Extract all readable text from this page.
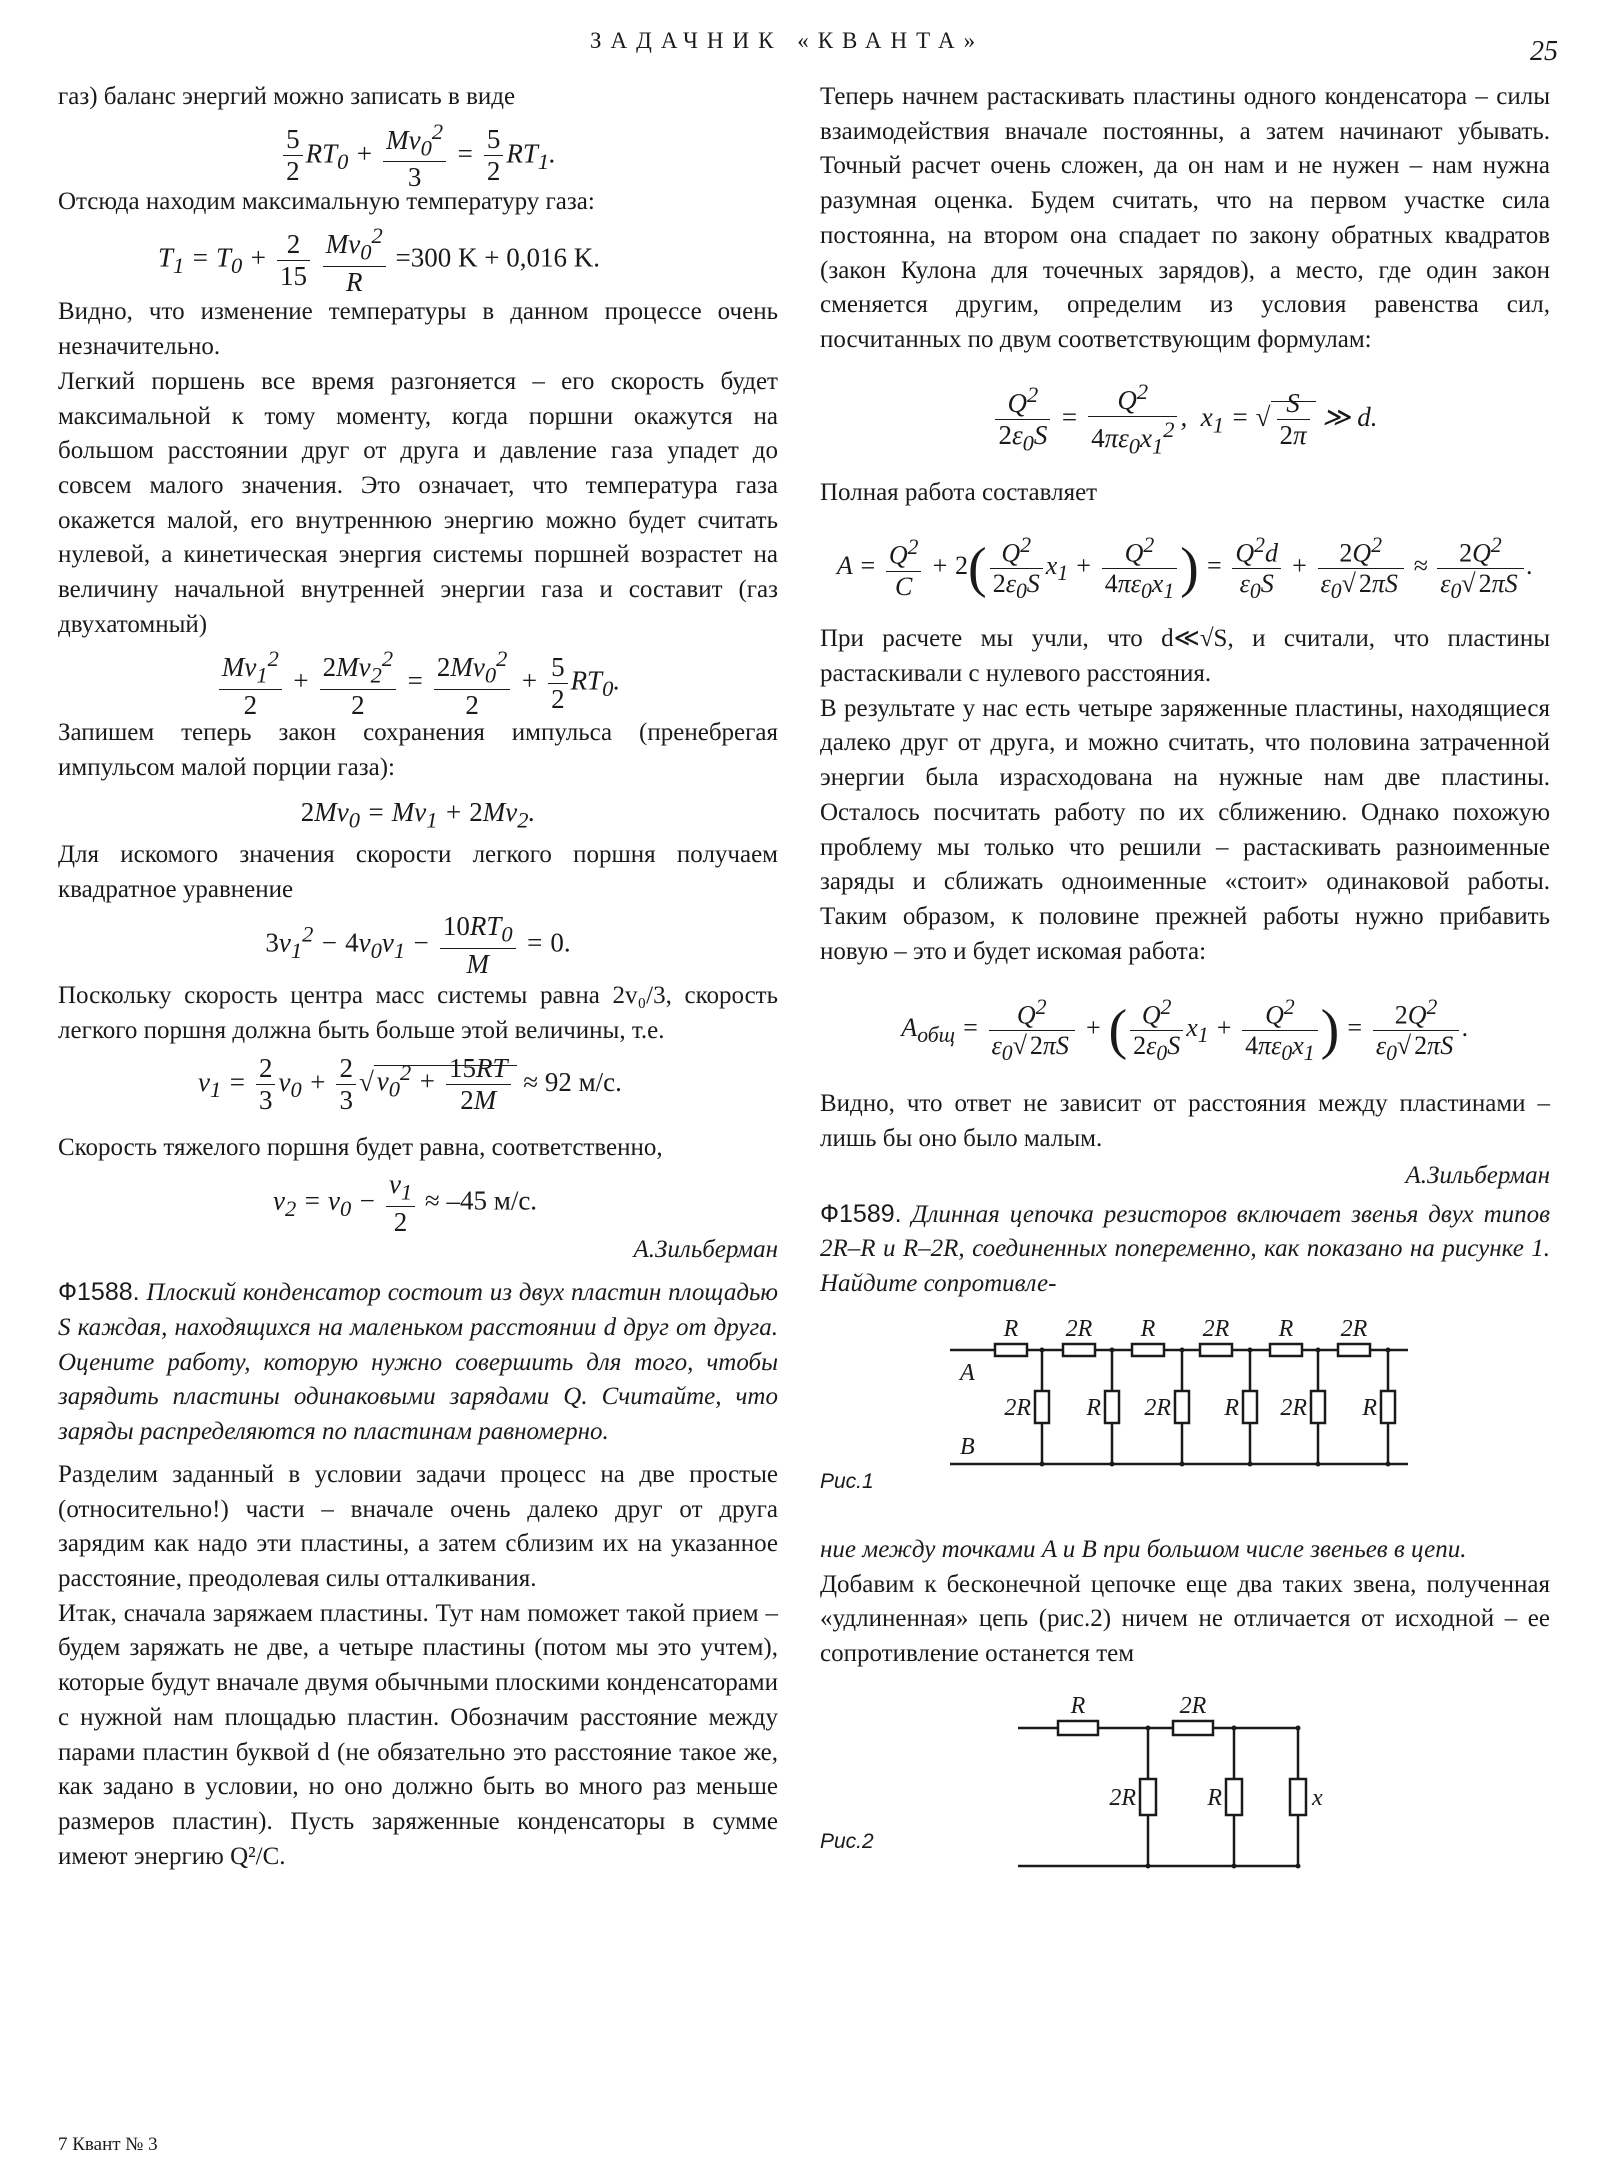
ЗАДАЧНИК «КВАНТА»	25

газ) баланс энергий можно записать в виде

$\frac{5}{2} RT_0 + \frac{Mv_0^2}{3} = \frac{5}{2} RT_1$.

Отсюда находим максимальную температуру газа:

$T_1 = T_0 + \frac{2}{15}$
$\frac{Mv_0^2}{R} =300$ K + 0,016 K.

Видно, что изменение температуры в данном процессе очень незначительно.

Легкий поршень все время разгоняется – его скорость будет максимальной к тому моменту, когда поршни окажутся на большом расстоянии друг от друга и давление газа упадет до совсем малого значения. Это означает, что температура газа окажется малой, его внутреннюю энергию можно будет считать нулевой, а кинетическая энергия системы поршней возрастет на величину начальной внутренней энергии газа и составит (газ двухатомный)

$\frac{Mv_1^2}{2} + \frac{2Mv_2^2}{2} = \frac{2Mv_0^2}{2} + \frac{5}{2} RT_0$.

Запишем теперь закон сохранения импульса (пренебрегая импульсом малой порции газа):

$2Mv_0 = Mv_1 + 2Mv_2$.

Для искомого значения скорости легкого поршня получаем квадратное уравнение

$3v_1^2 - 4v_0v_1 - \frac{10RT_0}{M} = 0$.

Поскольку скорость центра масс системы равна 2v₀/3, скорость легкого поршня должна быть больше этой величины, т.е.

$v_1 = \frac{2}{3} v_0 + \frac{2}{3}$ √ $v_0^2 + \frac{15RT}{2M} \approx 92$ м/с.

Скорость тяжелого поршня будет равна, соответственно,

$v_2 = v_0 - \frac{v_1}{2} \approx -45$ м/с.
А.Зильберман

Ф1588. Плоский конденсатор состоит из двух пластин площадью S каждая, находящихся на маленьком расстоянии d друг от друга. Оцените работу, которую нужно совершить для того, чтобы зарядить пластины одинаковыми зарядами Q. Считайте, что заряды распределяются по пластинам равномерно.

Разделим заданный в условии задачи процесс на две простые (относительно!) части – вначале очень далеко друг от друга зарядим как надо эти пластины, а затем сблизим их на указанное расстояние, преодолевая силы отталкивания.

Итак, сначала заряжаем пластины. Тут нам поможет такой прием – будем заряжать не две, а четыре пластины (потом мы это учтем), которые будут вначале двумя обычными плоскими конденсаторами с нужной нам площадью пластин. Обозначим расстояние между парами пластин буквой d (не обязательно это расстояние такое же, как задано в условии, но оно должно быть во много раз меньше размеров пластин). Пусть заряженные конденсаторы в сумме имеют энергию Q²/C.

Теперь начнем растаскивать пластины одного конденсатора – силы взаимодействия вначале постоянны, а затем начинают убывать. Точный расчет очень сложен, да он нам и не нужен – нам нужна разумная оценка. Будем считать, что на первом участке сила постоянна, на втором она спадает по закону обратных квадратов (закон Кулона для точечных зарядов), а место, где один закон сменяется другим, определим из условия равенства сил, посчитанных по двум соответствующим формулам:

$\frac{Q^2}{2\varepsilon_0S} = \frac{Q^2}{4\pi\varepsilon_0x_1^2}$ ,  $x_1$ = √ $\frac{S}{2\pi}$ ≫ d.

Полная работа составляет

$A = \frac{Q^2}{C} + 2( \frac{Q^2}{2\varepsilon_0S} x_1 + \frac{Q^2}{4\pi\varepsilon_0x_1}$ ) = $\frac{Q^2d}{\varepsilon_0S} + \frac{2Q^2}{\varepsilon_0√ 2\pi S} \approx \frac{2Q^2}{\varepsilon_0√ 2\pi S}$ .

При расчете мы учли, что d≪√S, и считали, что пластины растаскивали с нулевого расстояния.

В результате у нас есть четыре заряженные пластины, находящиеся далеко друг от друга, и можно считать, что половина затраченной энергии была израсходована на нужные нам две пластины. Осталось посчитать работу по их сближению. Однако похожую проблему мы только что решили – растаскивать разноименные заряды и сближать одноименные «стоит» одинаковой работы. Таким образом, к половине прежней работы нужно прибавить новую – это и будет искомая работа:

$A_{общ} = \frac{Q^2}{\varepsilon_0√ 2\pi S}$ + ( $\frac{Q^2}{2\varepsilon_0S} x_1 + \frac{Q^2}{4\pi\varepsilon_0x_1}$ ) = $\frac{2Q^2}{\varepsilon_0√ 2\pi S}$ .

Видно, что ответ не зависит от расстояния между пластинами – лишь бы оно было малым.

А.Зильберман

Ф1589. Длинная цепочка резисторов включает звенья двух типов 2R–R и R–2R, соединенных попеременно, как показано на рисунке 1. Найдите сопротивле-

R 2R R 2R R 2R
2R R 2R R 2R R
A
B
Рис.1

ние между точками A и B при большом числе звеньев в цепи.

Добавим к бесконечной цепочке еще два таких звена, полученная «удлиненная» цепь (рис.2) ничем не отличается от исходной – ее сопротивление останется тем

R	2R
2R	R	x
Рис.2
7 Квант № 3
